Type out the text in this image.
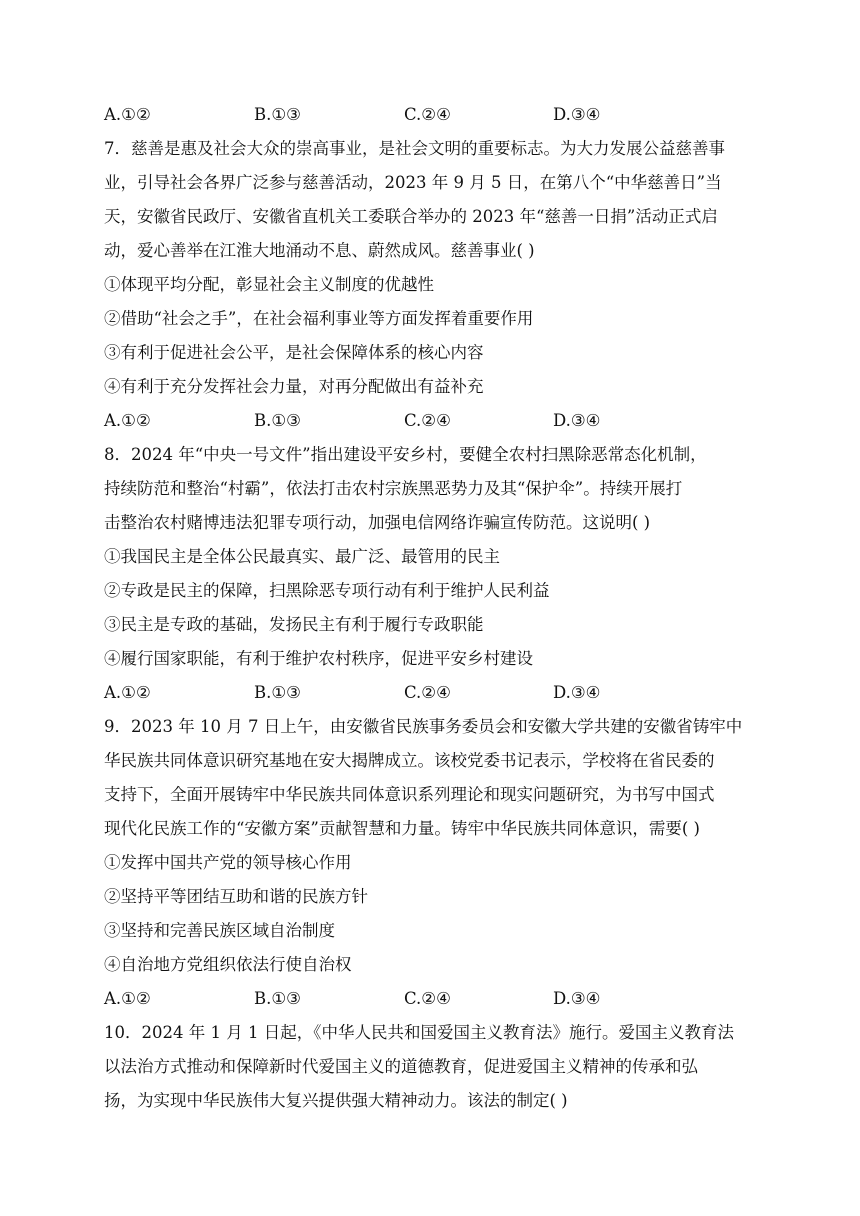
A.①②	B.①③	C.②④	D.③④
7．慈善是惠及社会大众的崇高事业，是社会文明的重要标志。为大力发展公益慈善事
业，引导社会各界广泛参与慈善活动，2023 年 9 月 5 日，在第八个“中华慈善日”当
天，安徽省民政厅、安徽省直机关工委联合举办的 2023 年“慈善一日捐”活动正式启
动，爱心善举在江淮大地涌动不息、蔚然成风。慈善事业( )
①体现平均分配，彰显社会主义制度的优越性
②借助“社会之手”，在社会福利事业等方面发挥着重要作用
③有利于促进社会公平，是社会保障体系的核心内容
④有利于充分发挥社会力量，对再分配做出有益补充
A.①②	B.①③	C.②④	D.③④
8．2024 年“中央一号文件”指出建设平安乡村，要健全农村扫黑除恶常态化机制，
持续防范和整治“村霸”，依法打击农村宗族黑恶势力及其“保护伞”。持续开展打
击整治农村赌博违法犯罪专项行动，加强电信网络诈骗宣传防范。这说明( )
①我国民主是全体公民最真实、最广泛、最管用的民主
②专政是民主的保障，扫黑除恶专项行动有利于维护人民利益
③民主是专政的基础，发扬民主有利于履行专政职能
④履行国家职能，有利于维护农村秩序，促进平安乡村建设
A.①②	B.①③	C.②④	D.③④
9．2023 年 10 月 7 日上午，由安徽省民族事务委员会和安徽大学共建的安徽省铸牢中
华民族共同体意识研究基地在安大揭牌成立。该校党委书记表示，学校将在省民委的
支持下，全面开展铸牢中华民族共同体意识系列理论和现实问题研究，为书写中国式
现代化民族工作的“安徽方案”贡献智慧和力量。铸牢中华民族共同体意识，需要( )
①发挥中国共产党的领导核心作用
②坚持平等团结互助和谐的民族方针
③坚持和完善民族区域自治制度
④自治地方党组织依法行使自治权
A.①②	B.①③	C.②④	D.③④
10．2024 年 1 月 1 日起，《中华人民共和国爱国主义教育法》施行。爱国主义教育法
以法治方式推动和保障新时代爱国主义的道德教育，促进爱国主义精神的传承和弘
扬，为实现中华民族伟大复兴提供强大精神动力。该法的制定( )
